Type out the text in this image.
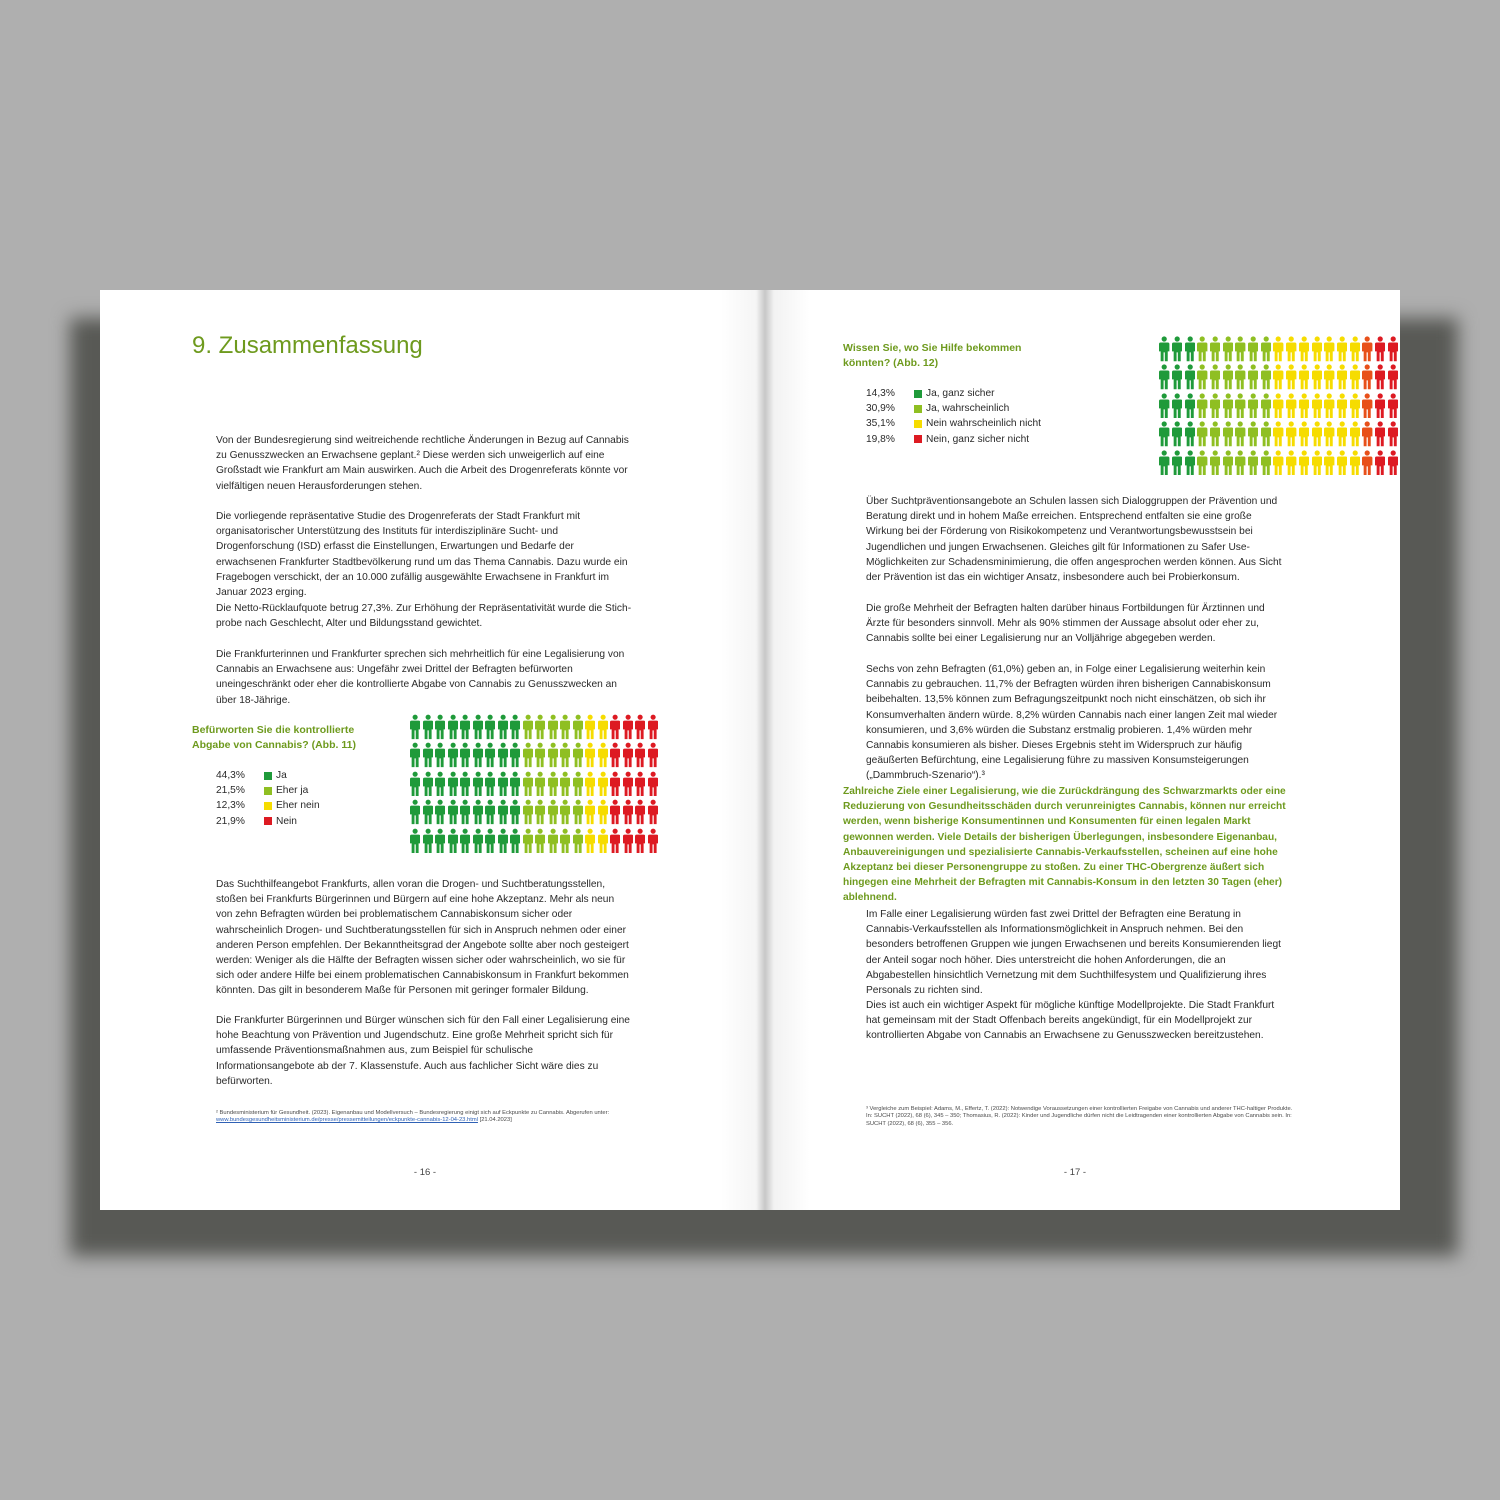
9. Zusammenfassung

Von der Bundesregierung sind weitreichende rechtliche Änderungen in Bezug auf Cannabis zu Genusszwecken an Erwachsene geplant.² Diese werden sich unweigerlich auf eine Großstadt wie Frankfurt am Main auswirken. Auch die Arbeit des Drogenreferats könnte vor vielfältigen neuen Herausforderungen stehen.

Die vorliegende repräsentative Studie des Drogenreferats der Stadt Frankfurt mit organisatorischer Unterstützung des Instituts für interdisziplinäre Sucht- und Drogenforschung (ISD) erfasst die Einstellungen, Erwartungen und Bedarfe der erwachsenen Frankfurter Stadtbevölkerung rund um das Thema Cannabis. Dazu wurde ein Fragebogen verschickt, der an 10.000 zufällig ausgewählte Erwachsene in Frankfurt im Januar 2023 erging.

Die Netto-Rücklaufquote betrug 27,3%. Zur Erhöhung der Repräsentativität wurde die Stichprobe nach Geschlecht, Alter und Bildungsstand gewichtet.

Die Frankfurterinnen und Frankfurter sprechen sich mehrheitlich für eine Legalisierung von Cannabis an Erwachsene aus: Ungefähr zwei Drittel der Befragten befürworten uneingeschränkt oder eher die kontrollierte Abgabe von Cannabis zu Genusszwecken an über 18-Jährige.

Befürworten Sie die kontrollierte Abgabe von Cannabis? (Abb. 11)

44,3%	Ja
21,5%	Eher ja
12,3%	Eher nein
21,9%	Nein

Das Suchthilfeangebot Frankfurts, allen voran die Drogen- und Suchtberatungsstellen, stoßen bei Frankfurts Bürgerinnen und Bürgern auf eine hohe Akzeptanz. Mehr als neun von zehn Befragten würden bei problematischem Cannabiskonsum sicher oder wahrscheinlich Drogen- und Suchtberatungsstellen für sich in Anspruch nehmen oder einer anderen Person empfehlen. Der Bekanntheitsgrad der Angebote sollte aber noch gesteigert werden: Weniger als die Hälfte der Befragten wissen sicher oder wahrscheinlich, wo sie für sich oder andere Hilfe bei einem problematischen Cannabiskonsum in Frankfurt bekommen könnten. Das gilt in besonderem Maße für Personen mit geringer formaler Bildung.

Die Frankfurter Bürgerinnen und Bürger wünschen sich für den Fall einer Legalisierung eine hohe Beachtung von Prävention und Jugendschutz. Eine große Mehrheit spricht sich für umfassende Präventionsmaßnahmen aus, zum Beispiel für schulische Informationsangebote ab der 7. Klassenstufe. Auch aus fachlicher Sicht wäre dies zu befürworten.

² Bundesministerium für Gesundheit. (2023). Eigenanbau und Modellversuch – Bundesregierung einigt sich auf Eckpunkte zu Cannabis. Abgerufen unter: www.bundesgesundheitsministerium.de/presse/pressemitteilungen/eckpunkte-cannabis-12-04-23.html [21.04.2023]

- 16 -

Wissen Sie, wo Sie Hilfe bekommen könnten? (Abb. 12)

14,3%	Ja, ganz sicher
30,9%	Ja, wahrscheinlich
35,1%	Nein wahrscheinlich nicht
19,8%	Nein, ganz sicher nicht

Über Suchtpräventionsangebote an Schulen lassen sich Dialoggruppen der Prävention und Beratung direkt und in hohem Maße erreichen. Entsprechend entfalten sie eine große Wirkung bei der Förderung von Risikokompetenz und Verantwortungsbewusstsein bei Jugendlichen und jungen Erwachsenen. Gleiches gilt für Informationen zu Safer Use-Möglichkeiten zur Schadensminimierung, die offen angesprochen werden können. Aus Sicht der Prävention ist das ein wichtiger Ansatz, insbesondere auch bei Probierkonsum.

Die große Mehrheit der Befragten halten darüber hinaus Fortbildungen für Ärztinnen und Ärzte für besonders sinnvoll. Mehr als 90% stimmen der Aussage absolut oder eher zu, Cannabis sollte bei einer Legalisierung nur an Volljährige abgegeben werden.

Sechs von zehn Befragten (61,0%) geben an, in Folge einer Legalisierung weiterhin kein Cannabis zu gebrauchen. 11,7% der Befragten würden ihren bisherigen Cannabiskonsum beibehalten. 13,5% können zum Befragungszeitpunkt noch nicht einschätzen, ob sich ihr Konsumverhalten ändern würde. 8,2% würden Cannabis nach einer langen Zeit mal wieder konsumieren, und 3,6% würden die Substanz erstmalig probieren. 1,4% würden mehr Cannabis konsumieren als bisher. Dieses Ergebnis steht im Widerspruch zur häufig geäußerten Befürchtung, eine Legalisierung führe zu massiven Konsumsteigerungen („Dammbruch-Szenario“).³

Zahlreiche Ziele einer Legalisierung, wie die Zurückdrängung des Schwarzmarkts oder eine Reduzierung von Gesundheitsschäden durch verunreinigtes Cannabis, können nur erreicht werden, wenn bisherige Konsumentinnen und Konsumenten für einen legalen Markt gewonnen werden. Viele Details der bisherigen Überlegungen, insbesondere Eigenanbau, Anbauvereinigungen und spezialisierte Cannabis-Verkaufsstellen, scheinen auf eine hohe Akzeptanz bei dieser Personengruppe zu stoßen. Zu einer THC-Obergrenze äußert sich hingegen eine Mehrheit der Befragten mit Cannabis-Konsum in den letzten 30 Tagen (eher) ablehnend.

Im Falle einer Legalisierung würden fast zwei Drittel der Befragten eine Beratung in Cannabis-Verkaufsstellen als Informationsmöglichkeit in Anspruch nehmen. Bei den besonders betroffenen Gruppen wie jungen Erwachsenen und bereits Konsumierenden liegt der Anteil sogar noch höher. Dies unterstreicht die hohen Anforderungen, die an Abgabestellen hinsichtlich Vernetzung mit dem Suchthilfesystem und Qualifizierung ihres Personals zu richten sind.

Dies ist auch ein wichtiger Aspekt für mögliche künftige Modellprojekte. Die Stadt Frankfurt hat gemeinsam mit der Stadt Offenbach bereits angekündigt, für ein Modellprojekt zur kontrollierten Abgabe von Cannabis an Erwachsene zu Genusszwecken bereitzustehen.

³ Vergleiche zum Beispiel: Adams, M., Effertz, T. (2022): Notwendige Voraussetzungen einer kontrollierten Freigabe von Cannabis und anderer THC-haltiger Produkte. In: SUCHT (2022), 68 (6), 345 – 350; Thomasius, R. (2022): Kinder und Jugendliche dürfen nicht die Leidtragenden einer kontrollierten Abgabe von Cannabis sein. In: SUCHT (2022), 68 (6), 355 – 356.

- 17 -
